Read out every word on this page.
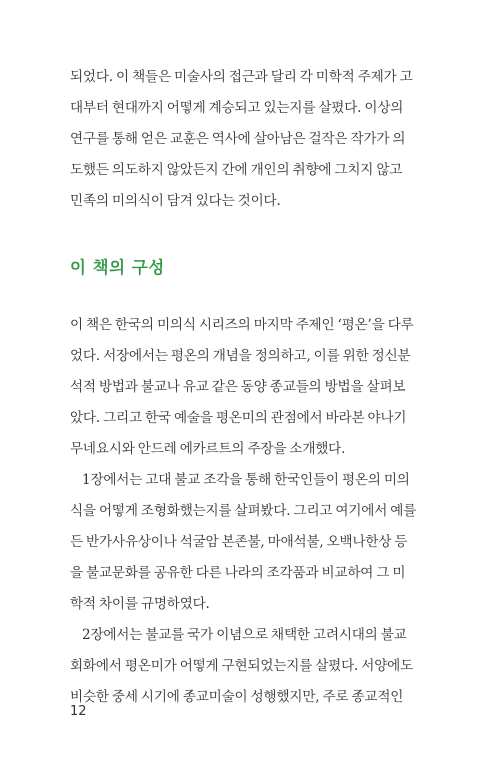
되었다. 이 책들은 미술사의 접근과 달리 각 미학적 주제가 고
대부터 현대까지 어떻게 계승되고 있는지를 살폈다. 이상의
연구를 통해 얻은 교훈은 역사에 살아남은 걸작은 작가가 의
도했든 의도하지 않았든지 간에 개인의 취향에 그치지 않고
민족의 미의식이 담겨 있다는 것이다.
이 책의 구성
이 책은 한국의 미의식 시리즈의 마지막 주제인 ‘평온’을 다루
었다. 서장에서는 평온의 개념을 정의하고, 이를 위한 정신분
석적 방법과 불교나 유교 같은 동양 종교들의 방법을 살펴보
았다. 그리고 한국 예술을 평온미의 관점에서 바라본 야나기
무네요시와 안드레 에카르트의 주장을 소개했다.
1장에서는 고대 불교 조각을 통해 한국인들이 평온의 미의
식을 어떻게 조형화했는지를 살펴봤다. 그리고 여기에서 예를
든 반가사유상이나 석굴암 본존불, 마애석불, 오백나한상 등
을 불교문화를 공유한 다른 나라의 조각품과 비교하여 그 미
학적 차이를 규명하였다.
2장에서는 불교를 국가 이념으로 채택한 고려시대의 불교
회화에서 평온미가 어떻게 구현되었는지를 살폈다. 서양에도
비슷한 중세 시기에 종교미술이 성행했지만, 주로 종교적인
12
